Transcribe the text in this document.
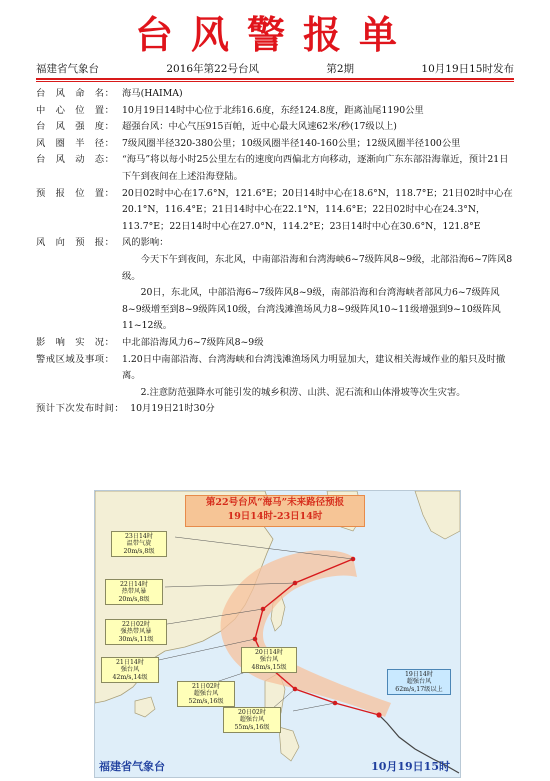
台风警报单
福建省气象台	2016年第22号台风	第2期	10月19日15时发布
台　风　命　名： 海马(HAIMA)
中　心　位　置： 10月19日14时中心位于北纬16.6度，东经124.8度，距离汕尾1190公里
台　风　强　度： 超强台风：中心气压915百帕，近中心最大风速62米/秒(17级以上)
风　圈　半　径： 7级风圈半径320-380公里；10级风圈半径140-160公里；12级风圈半径100公里
台　风　动　态： “海马”将以每小时25公里左右的速度向西偏北方向移动，逐渐向广东东部沿海靠近，预计21日下午到夜间在上述沿海登陆。
预　报　位　置： 20日02时中心在17.6°N，121.6°E；20日14时中心在18.6°N，118.7°E；21日02时中心在20.1°N，116.4°E；21日14时中心在22.1°N，114.6°E；22日02时中心在24.3°N，113.7°E；22日14时中心在27.0°N，114.2°E；23日14时中心在30.6°N，121.8°E
风　向　预　报： 风的影响：
今天下午到夜间，东北风，中南部沿海和台湾海峡6~7级阵风8~9级，北部沿海6~7阵风8级。
20日，东北风，中部沿海6~7级阵风8~9级，南部沿海和台湾海峡者部风力6~7级阵风8~9级增至到8~9级阵风10级，台湾浅滩渔场风力8~9级阵风10~11级增强到9~10级阵风11~12级。
影　响　实　况： 中北部沿海风力6~7级阵风8~9级
警戒区域及事项： 1.20日中南部沿海、台湾海峡和台湾浅滩渔场风力明显加大，建议相关海域作业的船只及时撤离。
2.注意防范强降水可能引发的城乡积涝、山洪、泥石流和山体滑坡等次生灾害。
预计下次发布时间： 10月19日21时30分
第22号台风“海马”未来路径预报
19日14时-23日14时
23日14时
温带气旋
20m/s,8级
22日14时
热带风暴
20m/s,8级
22日02时
强热带风暴
30m/s,11级
21日14时
强台风
42m/s,14级
21日02时
超强台风
52m/s,16级
20日14时
强台风
48m/s,15级
20日02时
超强台风
55m/s,16级
19日14时
超强台风
62m/s,17级以上
福建省气象台	10月19日15时
